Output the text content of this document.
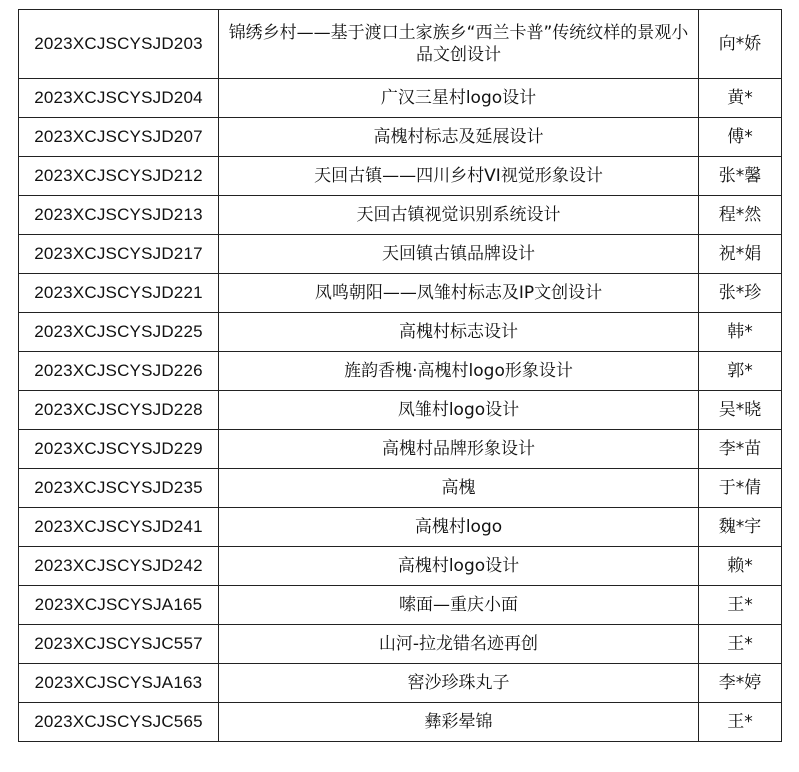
2023XCJSCYSJD203	锦绣乡村——基于渡口土家族乡“西兰卡普”传统纹样的景观小品文创设计	向*娇
2023XCJSCYSJD204	广汉三星村logo设计	黄*
2023XCJSCYSJD207	高槐村标志及延展设计	傅*
2023XCJSCYSJD212	天回古镇——四川乡村VI视觉形象设计	张*馨
2023XCJSCYSJD213	天回古镇视觉识别系统设计	程*然
2023XCJSCYSJD217	天回镇古镇品牌设计	祝*娟
2023XCJSCYSJD221	凤鸣朝阳——凤雏村标志及IP文创设计	张*珍
2023XCJSCYSJD225	高槐村标志设计	韩*
2023XCJSCYSJD226	旌韵香槐·高槐村logo形象设计	郭*
2023XCJSCYSJD228	凤雏村logo设计	吴*晓
2023XCJSCYSJD229	高槐村品牌形象设计	李*苗
2023XCJSCYSJD235	高槐	于*倩
2023XCJSCYSJD241	高槐村logo	魏*宇
2023XCJSCYSJD242	高槐村logo设计	赖*
2023XCJSCYSJA165	嗦面—重庆小面	王*
2023XCJSCYSJC557	山河-拉龙错名迹再创	王*
2023XCJSCYSJA163	窖沙珍珠丸子	李*婷
2023XCJSCYSJC565	彝彩晕锦	王*
